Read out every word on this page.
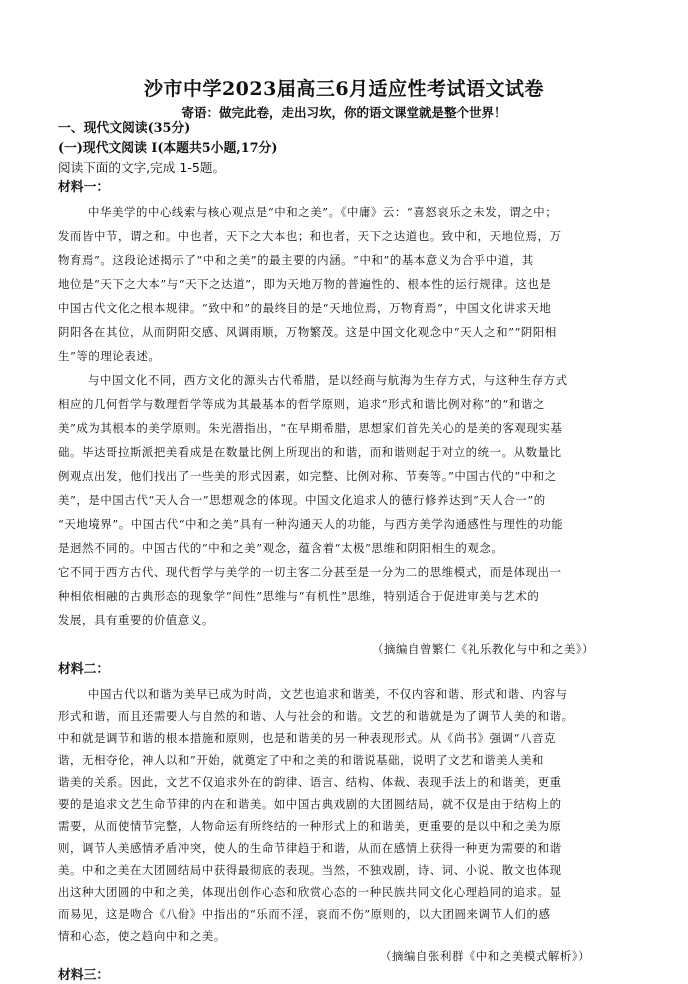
沙市中学2023届高三6月适应性考试语文试卷
寄语：做完此卷，走出习坎，你的语文课堂就是整个世界！
一、现代文阅读(35分)
(一)现代文阅读 I(本题共5小题,17分)
阅读下面的文字,完成 1-5题。
材料一：
中华美学的中心线索与核心观点是“中和之美”。《中庸》云：“喜怒哀乐之未发，谓之中；
发而皆中节，谓之和。中也者，天下之大本也；和也者，天下之达道也。致中和，天地位焉，万
物育焉”。这段论述揭示了“中和之美”的最主要的内涵。“中和”的基本意义为合乎中道，其
地位是“天下之大本”与“天下之达道”，即为天地万物的普遍性的、根本性的运行规律。这也是
中国古代文化之根本规律。“致中和”的最终目的是“天地位焉，万物育焉”，中国文化讲求天地
阴阳各在其位，从而阴阳交感、风调雨顺，万物繁茂。这是中国文化观念中“天人之和”“阴阳相
生”等的理论表述。
与中国文化不同，西方文化的源头古代希腊，是以经商与航海为生存方式，与这种生存方式
相应的几何哲学与数理哲学等成为其最基本的哲学原则，追求“形式和谐比例对称”的“和谐之
美”成为其根本的美学原则。朱光潜指出，“在早期希腊，思想家们首先关心的是美的客观现实基
础。毕达哥拉斯派把美看成是在数量比例上所现出的和谐，而和谐则起于对立的统一。从数量比
例观点出发，他们找出了一些美的形式因素，如完整、比例对称、节奏等。”中国古代的“中和之
美”，是中国古代“天人合一”思想观念的体现。中国文化追求人的德行修养达到“天人合一”的
“天地境界”。中国古代“中和之美”具有一种沟通天人的功能，与西方美学沟通感性与理性的功能
是迥然不同的。中国古代的“中和之美”观念，蕴含着“太极”思维和阴阳相生的观念。
它不同于西方古代、现代哲学与美学的一切主客二分甚至是一分为二的思维模式，而是体现出一
种相依相融的古典形态的现象学“间性”思维与“有机性”思维，特别适合于促进审美与艺术的
发展，具有重要的价值意义。
（摘编自曾繁仁《礼乐教化与中和之美》）
材料二：
中国古代以和谐为美早已成为时尚，文艺也追求和谐美，不仅内容和谐、形式和谐、内容与
形式和谐，而且还需要人与自然的和谐、人与社会的和谐。文艺的和谐就是为了调节人美的和谐。
中和就是调节和谐的根本措施和原则，也是和谐美的另一种表现形式。从《尚书》强调“八音克
谐，无相夺伦，神人以和”开始，就奠定了中和之美的和谐说基础，说明了文艺和谐美人美和
谐美的关系。因此，文艺不仅追求外在的韵律、语言、结构、体裁、表现手法上的和谐美，更重
要的是追求文艺生命节律的内在和谐美。如中国古典戏剧的大团圆结局，就不仅是由于结构上的
需要，从而使情节完整，人物命运有所终结的一种形式上的和谐美，更重要的是以中和之美为原
则，调节人美感情矛盾冲突，使人的生命节律趋于和谐，从而在感情上获得一种更为需要的和谐
美。中和之美在大团圆结局中获得最彻底的表现。当然，不独戏剧，诗、词、小说、散文也体现
出这种大团圆的中和之美，体现出创作心态和欣赏心态的一种民族共同文化心理趋同的追求。显
而易见，这是吻合《八佾》中指出的“乐而不淫，哀而不伤”原则的，以大团圆来调节人们的感
情和心态，使之趋向中和之美。
（摘编自张利群《中和之美模式解析》）
材料三：
